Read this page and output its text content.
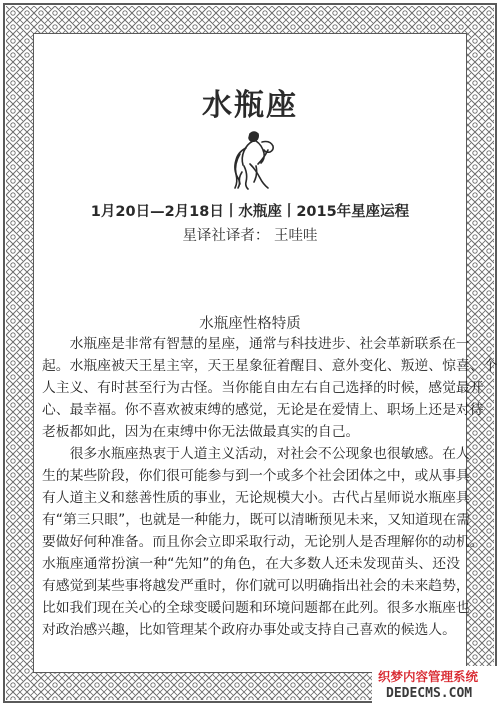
水瓶座
1月20日—2月18日丨水瓶座丨2015年星座运程
星译社译者： 王哇哇
水瓶座性格特质
　　水瓶座是非常有智慧的星座，通常与科技进步、社会革新联系在一
起。水瓶座被天王星主宰，天王星象征着醒目、意外变化、叛逆、惊喜、个
人主义、有时甚至行为古怪。当你能自由左右自己选择的时候，感觉最开
心、最幸福。你不喜欢被束缚的感觉，无论是在爱情上、职场上还是对待
老板都如此，因为在束缚中你无法做最真实的自己。
　　很多水瓶座热衷于人道主义活动，对社会不公现象也很敏感。在人
生的某些阶段，你们很可能参与到一个或多个社会团体之中，或从事具
有人道主义和慈善性质的事业，无论规模大小。古代占星师说水瓶座具
有“第三只眼”，也就是一种能力，既可以清晰预见未来，又知道现在需
要做好何种准备。而且你会立即采取行动，无论别人是否理解你的动机。
水瓶座通常扮演一种“先知”的角色，在大多数人还未发现苗头、还没
有感觉到某些事将越发严重时，你们就可以明确指出社会的未来趋势，
比如我们现在关心的全球变暖问题和环境问题都在此列。很多水瓶座也
对政治感兴趣，比如管理某个政府办事处或支持自己喜欢的候选人。
织梦内容管理系统
DEDECMS.COM
